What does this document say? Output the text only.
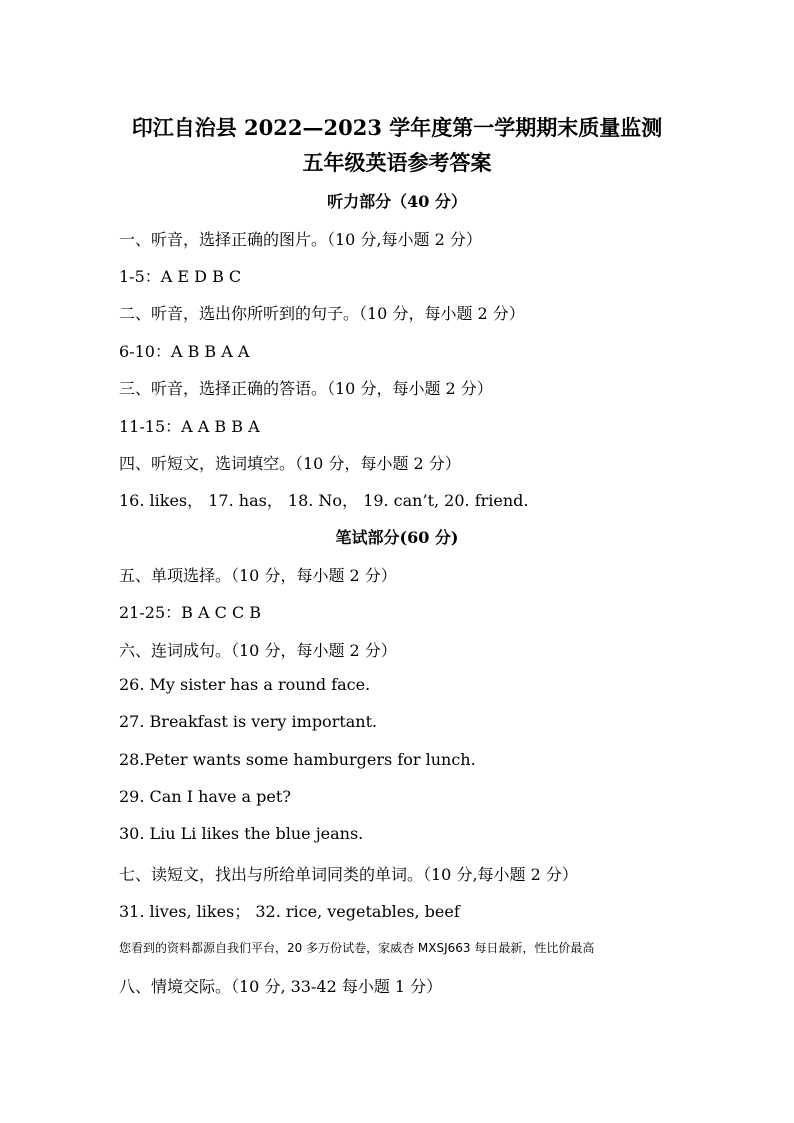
印江自治县 2022—2023 学年度第一学期期末质量监测
五年级英语参考答案
听力部分（40 分）
一、听音，选择正确的图片。（10 分,每小题 2 分）
1-5：A E D B C
二、听音，选出你所听到的句子。（10 分，每小题 2 分）
6-10：A B B A A
三、听音，选择正确的答语。（10 分，每小题 2 分）
11-15：A A B B A
四、听短文，选词填空。（10 分，每小题 2 分）
16. likes， 17. has， 18. No， 19. can’t, 20. friend.
笔试部分(60 分)
五、单项选择。（10 分，每小题 2 分）
21-25：B A C C B
六、连词成句。（10 分，每小题 2 分）
26. My sister has a round face.
27. Breakfast is very important.
28.Peter wants some hamburgers for lunch.
29. Can I have a pet?
30. Liu Li likes the blue jeans.
七、读短文，找出与所给单词同类的单词。（10 分,每小题 2 分）
31. lives, likes； 32. rice, vegetables, beef
您看到的资料都源自我们平台，20 多万份试卷，家威杏 MXSJ663 每日最新，性比价最高
八、情境交际。（10 分, 33-42 每小题 1 分）
